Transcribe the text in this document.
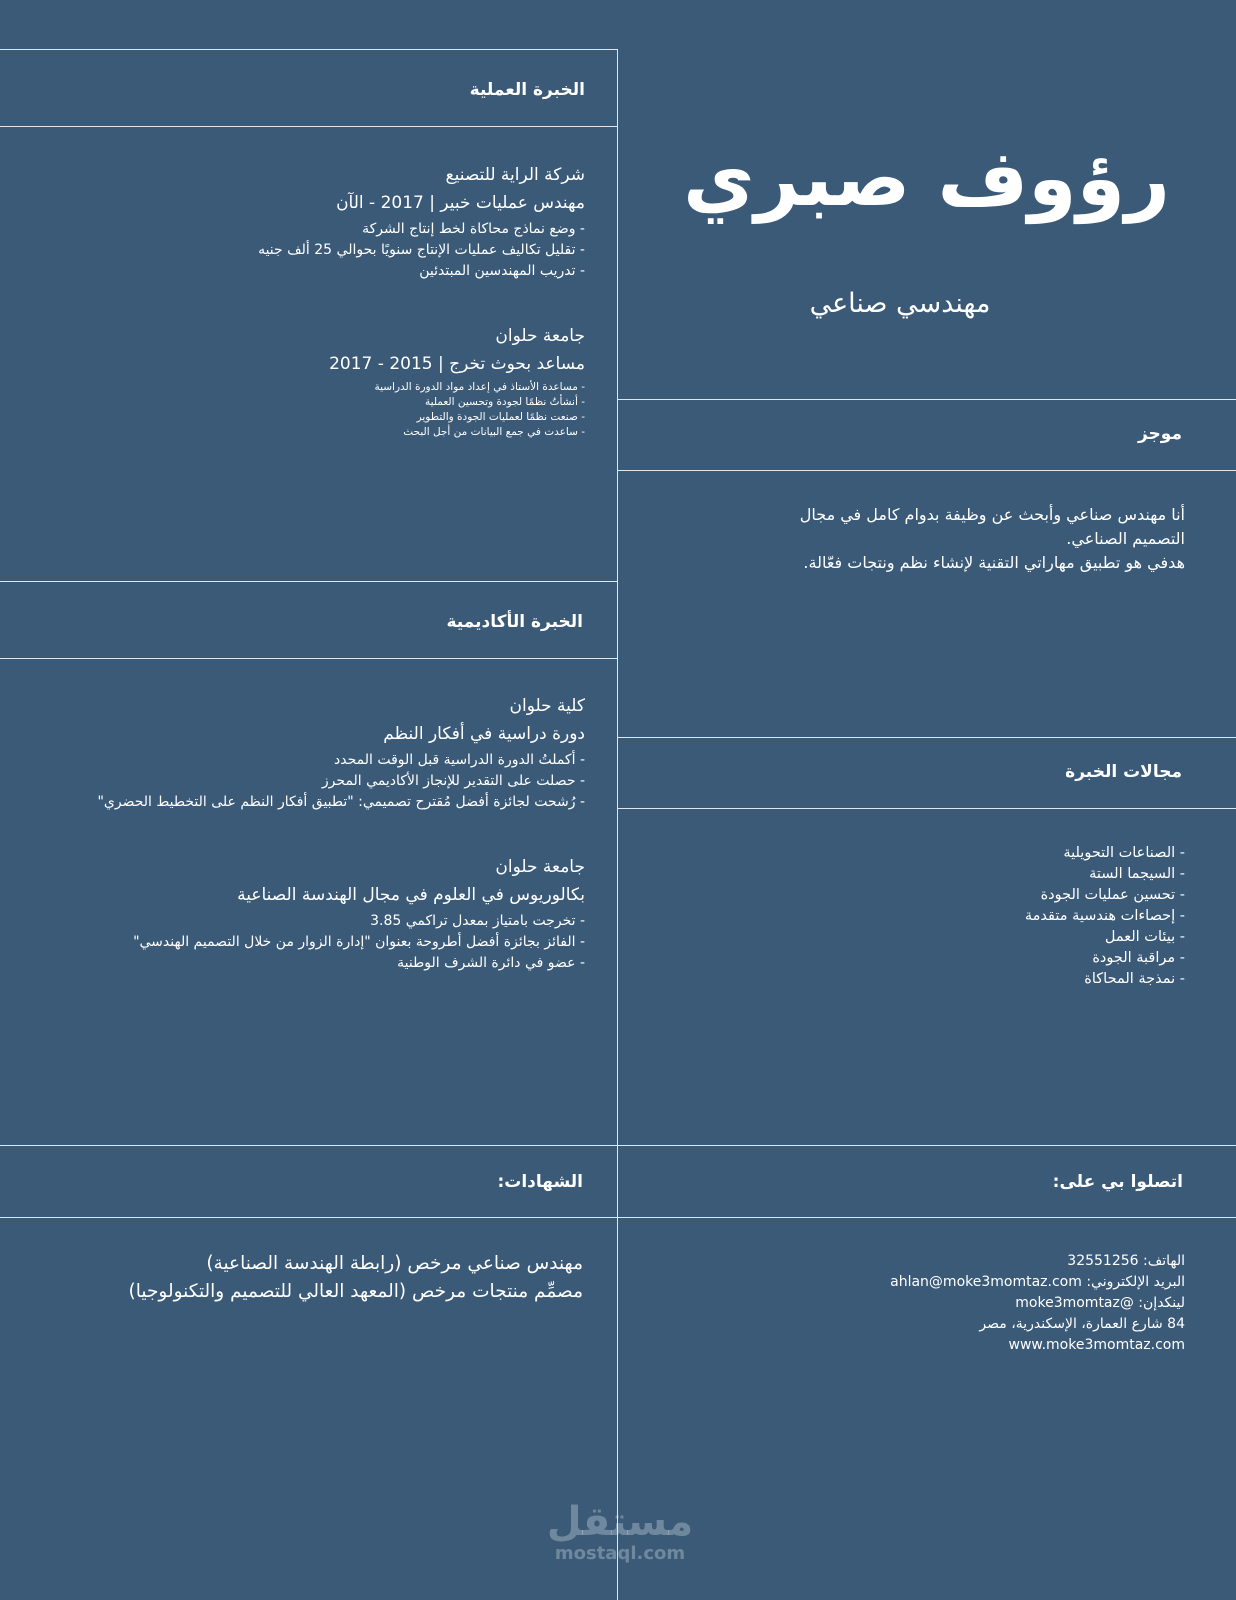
رؤوف صبري
مهندسي صناعي
موجز
أنا مهندس صناعي وأبحث عن وظيفة بدوام كامل في مجال
التصميم الصناعي.
هدفي هو تطبيق مهاراتي التقنية لإنشاء نظم ونتجات فعّالة.
مجالات الخبرة
- الصناعات التحويلية
- السيجما الستة
- تحسين عمليات الجودة
- إحصاءات هندسية متقدمة
- بيئات العمل
- مراقبة الجودة
- نمذجة المحاكاة
اتصلوا بي على:
الهاتف: 32551256
البريد الإلكتروني: ahlan@moke3momtaz.com
لينكدإن: @moke3momtaz
84 شارع العمارة، الإسكندرية، مصر
www.moke3momtaz.com
الخبرة العملية
شركة الراية للتصنيع
مهندس عمليات خبير | 2017 - الآن
- وضع نماذج محاكاة لخط إنتاج الشركة
- تقليل تكاليف عمليات الإنتاج سنويًا بحوالي 25 ألف جنيه
- تدريب المهندسين المبتدئين
جامعة حلوان
مساعد بحوث تخرج | 2015 - 2017
- مساعدة الأستاذ في إعداد مواد الدورة الدراسية
- أنشأتُ نظمًا لجودة وتحسين العملية
- صنعت نظمًا لعمليات الجودة والتطوير
- ساعدت في جمع البيانات من أجل البحث
الخبرة الأكاديمية
كلية حلوان
دورة دراسية في أفكار النظم
- أكملتُ الدورة الدراسية قبل الوقت المحدد
- حصلت على التقدير للإنجاز الأكاديمي المحرز
- رُشحت لجائزة أفضل مُقترح تصميمي: "تطبيق أفكار النظم على التخطيط الحضري"
جامعة حلوان
بكالوريوس في العلوم في مجال الهندسة الصناعية
- تخرجت بامتياز بمعدل تراكمي 3.85
- الفائز بجائزة أفضل أطروحة بعنوان "إدارة الزوار من خلال التصميم الهندسي"
- عضو في دائرة الشرف الوطنية
الشهادات:
مهندس صناعي مرخص (رابطة الهندسة الصناعية)
مصمِّم منتجات مرخص (المعهد العالي للتصميم والتكنولوجيا)
مستقل
mostaql.com
